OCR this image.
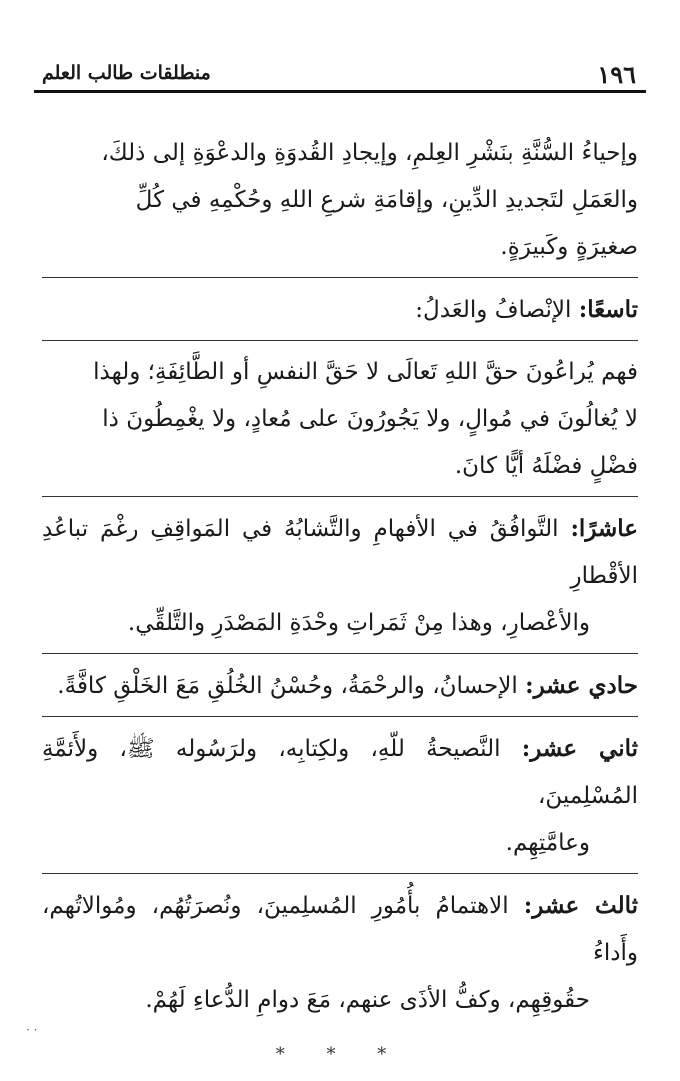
١٩٦
منطلقات طالب العلم

وإحياءُ السُّنَّةِ بنَشْرِ العِلمِ، وإيجادِ القُدوَةِ والدعْوَةِ إلى ذلكَ،

والعَمَلِ لتَجديدِ الدِّينِ، وإقامَةِ شرعِ اللهِ وحُكْمِهِ في كُلِّ

صغيرَةٍ وكَبيرَةٍ.

تاسعًا: الإنْصافُ والعَدلُ:

فهم يُراعُونَ حقَّ اللهِ تَعالَى لا حَقَّ النفسِ أو الطَّائِفَةِ؛ ولهذا

لا يُغالُونَ في مُوالٍ، ولا يَجُورُونَ على مُعادٍ، ولا يغْمِطُونَ ذا

فضْلٍ فضْلَهُ أيًّا كانَ.

عاشرًا: التَّوافُقُ في الأفهامِ والتَّشابُهُ في المَواقِفِ رغْمَ تباعُدِ الأقْطارِ

والأعْصارِ، وهذا مِنْ ثَمَراتِ وحْدَةِ المَصْدَرِ والتَّلقِّي.

حادي عشر: الإحسانُ، والرحْمَةُ، وحُسْنُ الخُلُقِ مَعَ الخَلْقِ كافَّةً.

ثاني عشر: النَّصيحةُ للّهِ، ولكِتابِه، ولرَسُوله ﷺ، ولأَئمَّةِ المُسْلِمينَ،

وعامَّتِهِم.

ثالث عشر: الاهتمامُ بأُمُورِ المُسلِمينَ، ونُصرَتُهُم، ومُوالاتُهم، وأَداءُ

حقُوقِهِم، وكفُّ الأذَى عنهم، مَعَ دوامِ الدُّعاءِ لَهُمْ.

* * *
· ·
